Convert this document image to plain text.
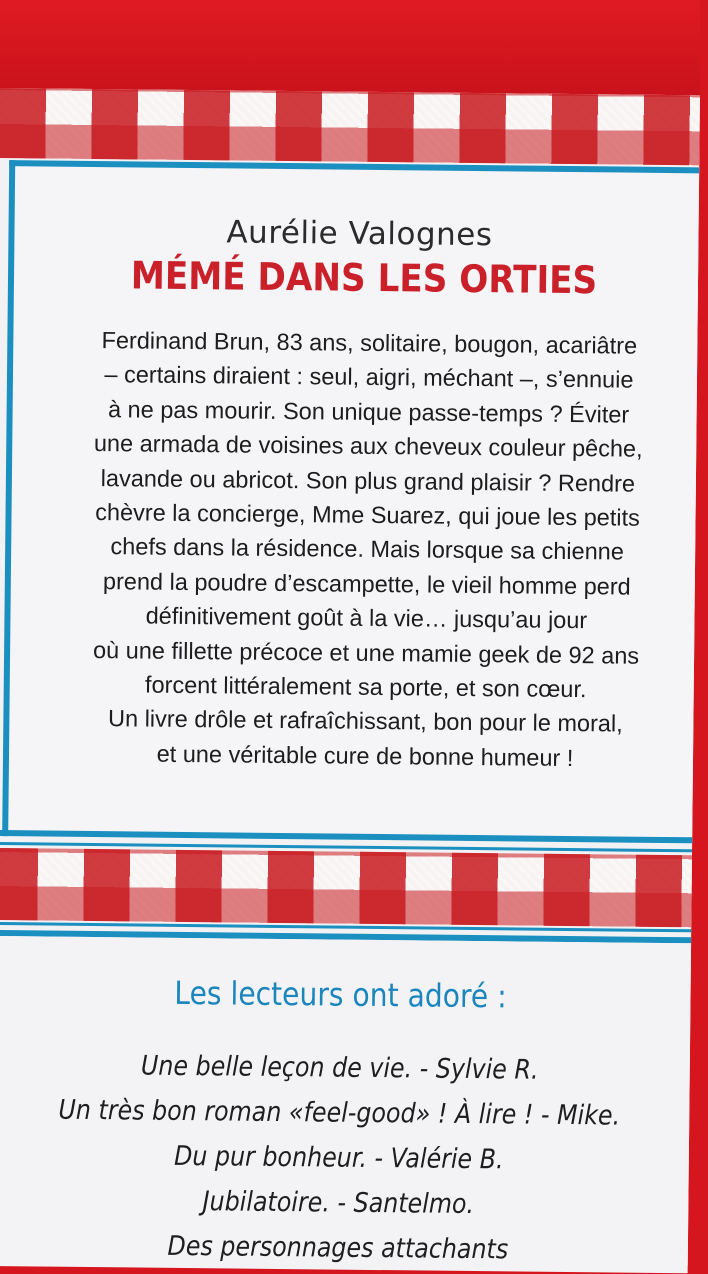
Aurélie Valognes
MÉMÉ DANS LES ORTIES
Ferdinand Brun, 83 ans, solitaire, bougon, acariâtre
– certains diraient : seul, aigri, méchant –, s’ennuie
à ne pas mourir. Son unique passe-temps ? Éviter
une armada de voisines aux cheveux couleur pêche,
lavande ou abricot. Son plus grand plaisir ? Rendre
chèvre la concierge, Mme Suarez, qui joue les petits
chefs dans la résidence. Mais lorsque sa chienne
prend la poudre d’escampette, le vieil homme perd
définitivement goût à la vie… jusqu’au jour
où une fillette précoce et une mamie geek de 92 ans
forcent littéralement sa porte, et son cœur.
Un livre drôle et rafraîchissant, bon pour le moral,
et une véritable cure de bonne humeur !
Les lecteurs ont adoré :
Une belle leçon de vie. - Sylvie R.
Un très bon roman «feel-good» ! À lire ! - Mike.
Du pur bonheur. - Valérie B.
Jubilatoire. - Santelmo.
Des personnages attachants
